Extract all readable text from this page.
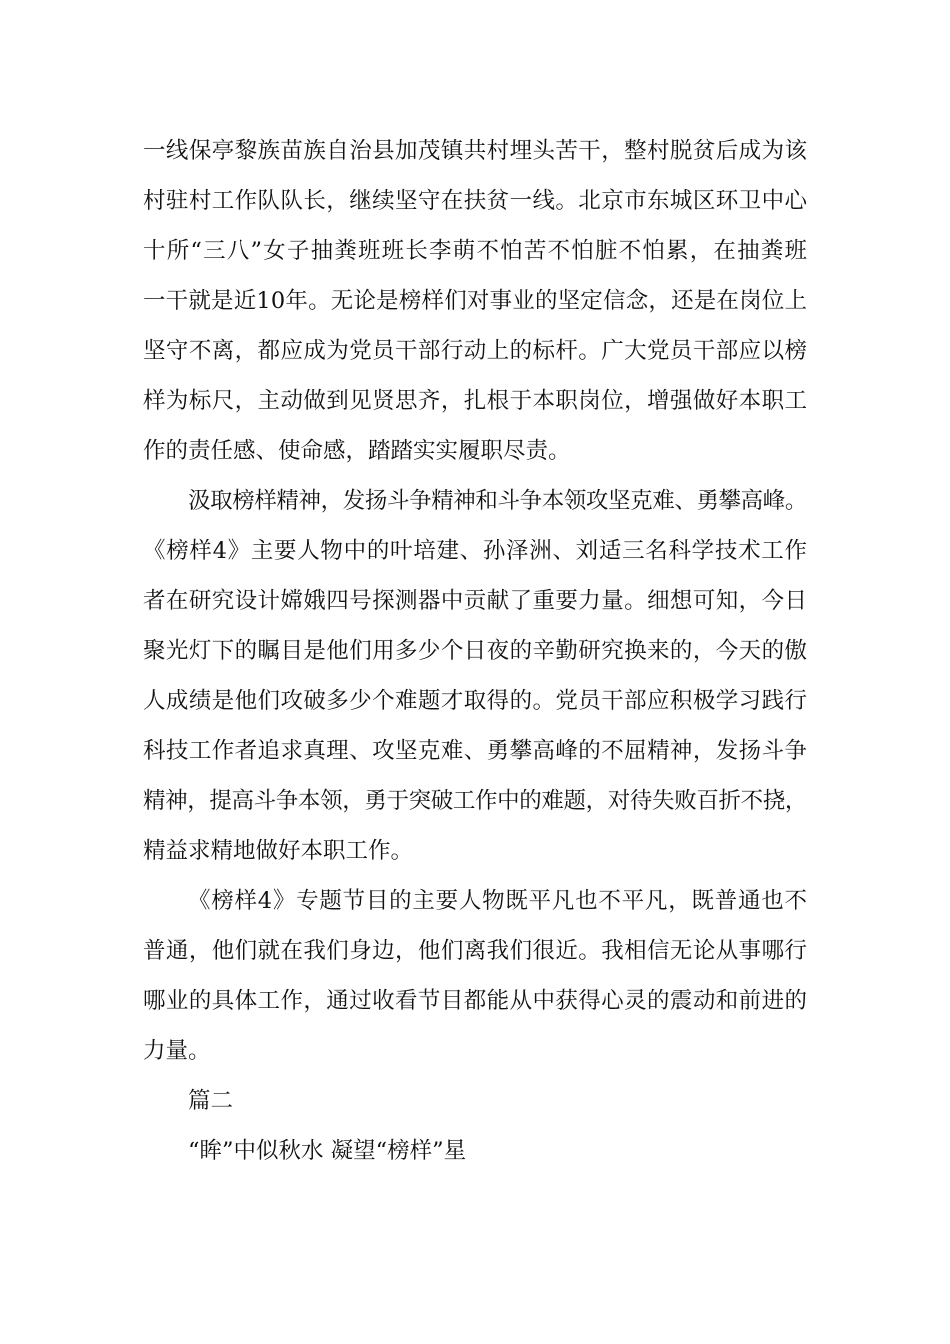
一线保亭黎族苗族自治县加茂镇共村埋头苦干，整村脱贫后成为该
村驻村工作队队长，继续坚守在扶贫一线。北京市东城区环卫中心
十所“三八”女子抽粪班班长李萌不怕苦不怕脏不怕累，在抽粪班
一干就是近10年。无论是榜样们对事业的坚定信念，还是在岗位上
坚守不离，都应成为党员干部行动上的标杆。广大党员干部应以榜
样为标尺，主动做到见贤思齐，扎根于本职岗位，增强做好本职工
作的责任感、使命感，踏踏实实履职尽责。
汲取榜样精神，发扬斗争精神和斗争本领攻坚克难、勇攀高峰。
《榜样4》主要人物中的叶培建、孙泽洲、刘适三名科学技术工作
者在研究设计嫦娥四号探测器中贡献了重要力量。细想可知，今日
聚光灯下的瞩目是他们用多少个日夜的辛勤研究换来的，今天的傲
人成绩是他们攻破多少个难题才取得的。党员干部应积极学习践行
科技工作者追求真理、攻坚克难、勇攀高峰的不屈精神，发扬斗争
精神，提高斗争本领，勇于突破工作中的难题，对待失败百折不挠，
精益求精地做好本职工作。
《榜样4》专题节目的主要人物既平凡也不平凡，既普通也不
普通，他们就在我们身边，他们离我们很近。我相信无论从事哪行
哪业的具体工作，通过收看节目都能从中获得心灵的震动和前进的
力量。
篇二
“眸”中似秋水 凝望“榜样”星
